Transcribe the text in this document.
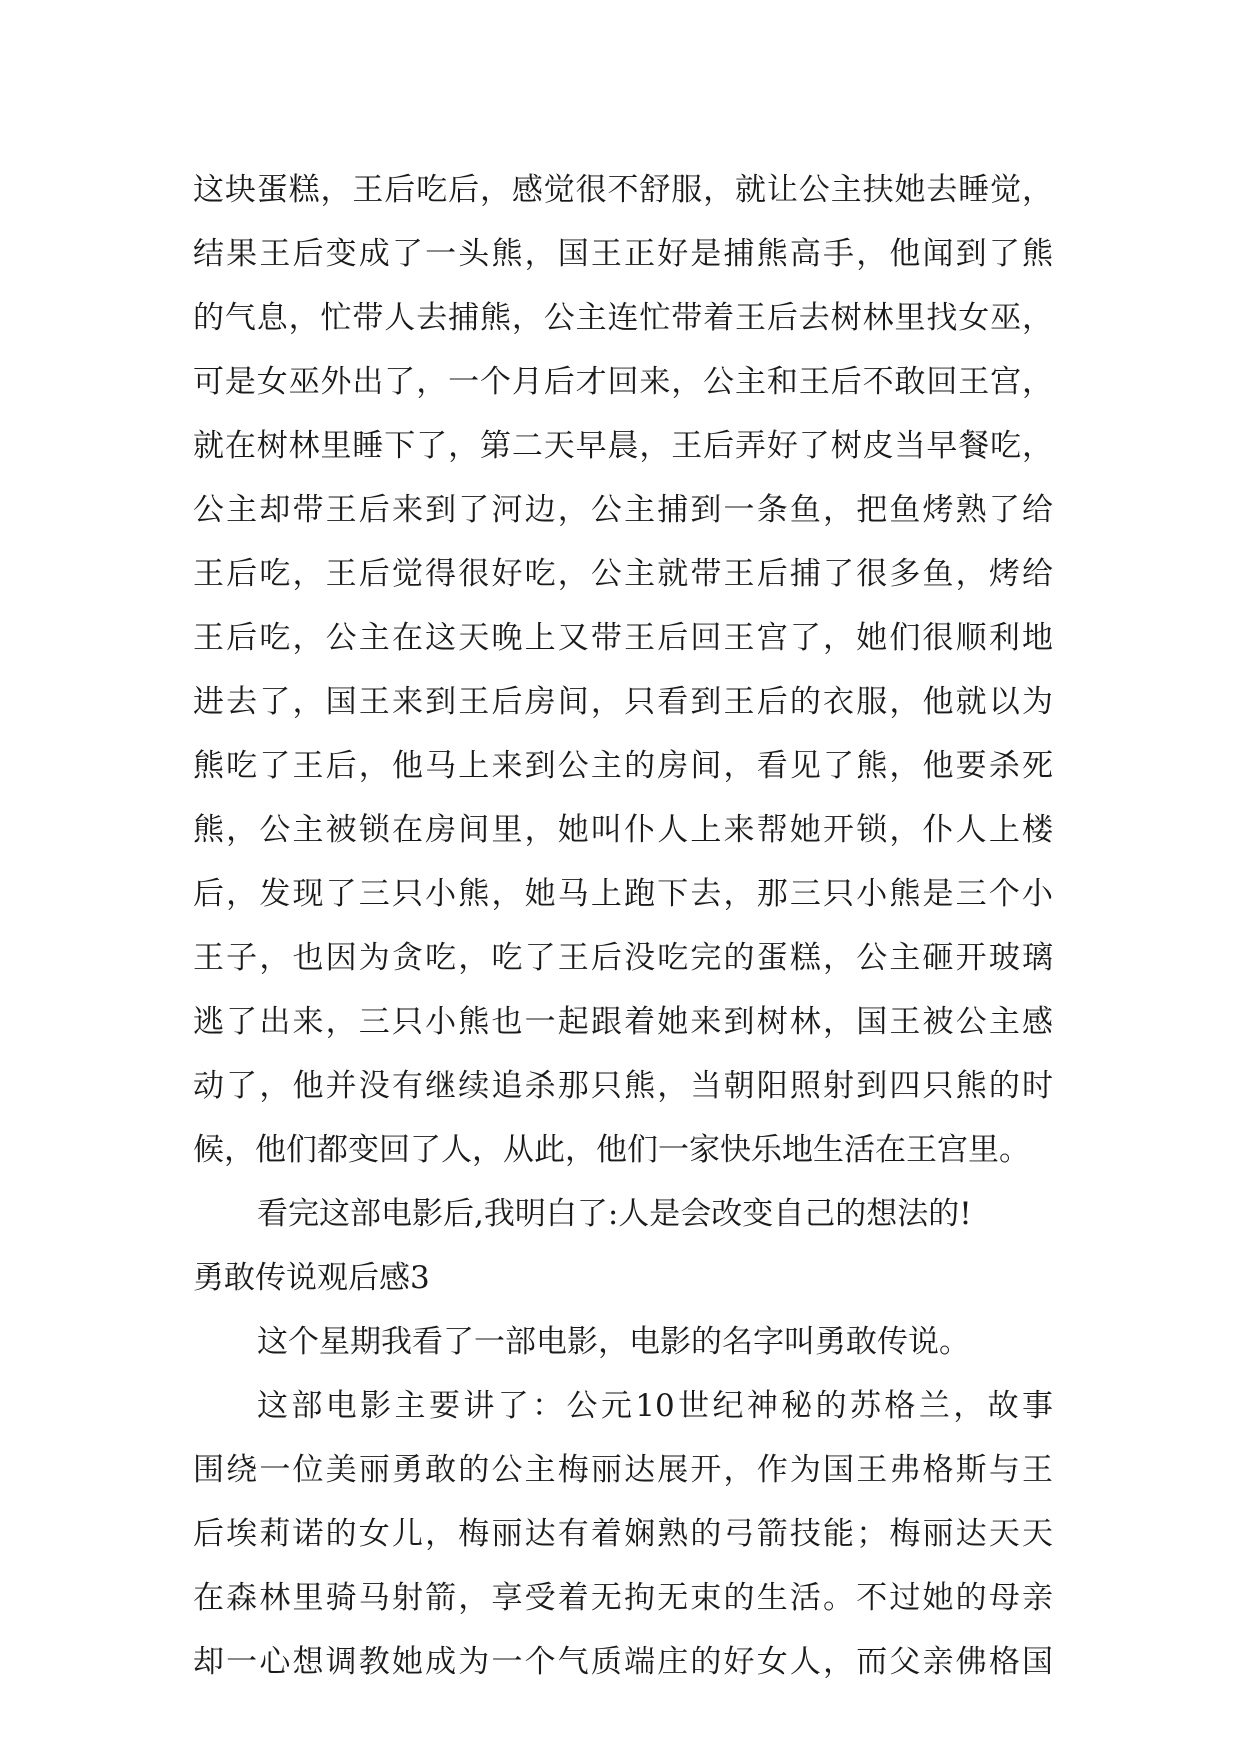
这块蛋糕，王后吃后，感觉很不舒服，就让公主扶她去睡觉，
结果王后变成了一头熊，国王正好是捕熊高手，他闻到了熊
的气息，忙带人去捕熊，公主连忙带着王后去树林里找女巫，
可是女巫外出了，一个月后才回来，公主和王后不敢回王宫，
就在树林里睡下了，第二天早晨，王后弄好了树皮当早餐吃，
公主却带王后来到了河边，公主捕到一条鱼，把鱼烤熟了给
王后吃，王后觉得很好吃，公主就带王后捕了很多鱼，烤给
王后吃，公主在这天晚上又带王后回王宫了，她们很顺利地
进去了，国王来到王后房间，只看到王后的衣服，他就以为
熊吃了王后，他马上来到公主的房间，看见了熊，他要杀死
熊，公主被锁在房间里，她叫仆人上来帮她开锁，仆人上楼
后，发现了三只小熊，她马上跑下去，那三只小熊是三个小
王子，也因为贪吃，吃了王后没吃完的蛋糕，公主砸开玻璃
逃了出来，三只小熊也一起跟着她来到树林，国王被公主感
动了，他并没有继续追杀那只熊，当朝阳照射到四只熊的时
候，他们都变回了人，从此，他们一家快乐地生活在王宫里。
看完这部电影后,我明白了:人是会改变自己的想法的!
勇敢传说观后感3
这个星期我看了一部电影，电影的名字叫勇敢传说。
这部电影主要讲了：公元10世纪神秘的苏格兰，故事
围绕一位美丽勇敢的公主梅丽达展开，作为国王弗格斯与王
后埃莉诺的女儿，梅丽达有着娴熟的弓箭技能；梅丽达天天
在森林里骑马射箭，享受着无拘无束的生活。不过她的母亲
却一心想调教她成为一个气质端庄的好女人，而父亲佛格国
